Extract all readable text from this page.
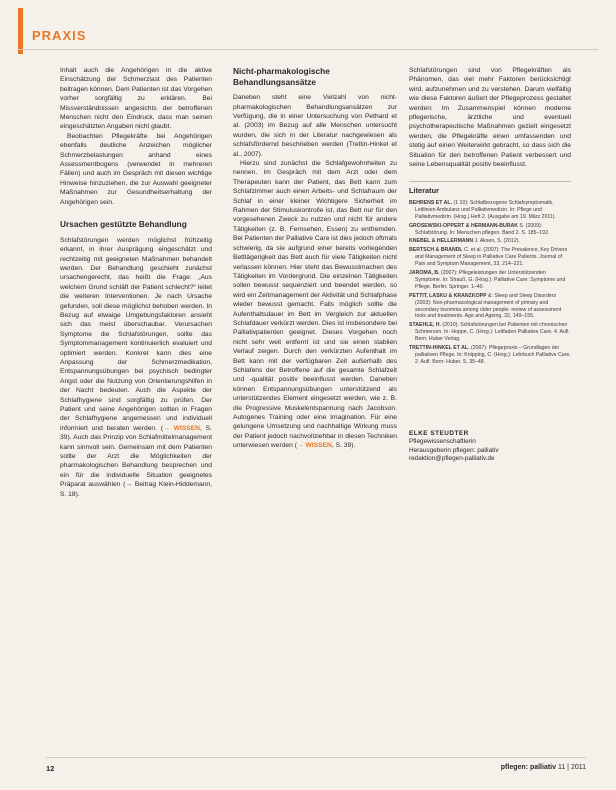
PRAXIS

Inhalt auch die Angehörigen in die aktive Einschätzung der Schmerzlast des Patienten beitragen können. Dem Patienten ist das Vorgehen vorher sorgfältig zu erklären. Bei Missverständnissen angesichts der betroffenen Menschen nicht den Eindruck, dass man seinen eingeschätzten Angaben nicht glaubt.

Beobachten Pflegekräfte bei Angehörigen ebenfalls deutliche Anzeichen möglicher Schmerzbelastungen anhand eines Assessmentbogens (verwendet in mehreren Fällen) und auch im Gespräch mit diesen wichtige Hinweise hinzuziehen, die zur Auswahl geeigneter Maßnahmen zur Gesundheitserhaltung der Angehörigen sein.

Ursachen gestützte Behandlung

Schlafstörungen werden möglichst frühzeitig erkannt, in ihrer Ausprägung eingeschätzt und rechtzeitig mit geeigneten Maßnahmen behandelt werden. Der Behandlung geschieht zunächst ursachengerecht, das heißt die Frage: „Aus welchem Grund schläft der Patient schlecht?“ leitet die weiteren Interventionen. Je nach Ursache gefunden, soll diese möglichst behoben werden. In Bezug auf etwaige Umgebungsfaktoren ansieht sich das meist überschaubar. Verursachen Symptome die Schlafstörungen, sollte das Symptommanagement kontinuierlich evaluiert und optimiert werden. Konkret kann dies eine Anpassung der Schmerzmedikation, Entspannungsübungen bei psychisch bedingter Angst oder die Nutzung von Orientierungshilfen in der Nacht bedeuten. Auch die Aspekte der Schlafhygiene sind sorgfältig zu prüfen. Der Patient und seine Angehörigen sollten in Fragen der Schlafhygiene angemessen und individuell informiert und beraten werden. (→ WISSEN, S. 39). Auch das Prinzip von Schlafmittelmanagement kann sinnvoll sein. Gemeinsam mit dem Patienten sollte der Arzt die Möglichkeiten der pharmakologischen Behandlung besprechen und ein für die individuelle Situation geeignetes Präparat auswählen (→ Beitrag Klein-Hiddemann, S. 18).

Nicht-pharmakologische Behandlungsansätze

Daneben steht eine Vielzahl von nicht-pharmakologischen Behandlungsansätzen zur Verfügung, die in einer Untersuchung von Pethard et al. (2003) im Bezug auf alle Menschen untersucht wurden, die sich in der Literatur nachgewiesen als schlafsfördernd beschrieben werden (Trettin-Hinkel et al., 2007).

Hierzu sind zunächst die Schlafgewohnheiten zu nennen. Im Gespräch mit dem Arzt oder dem Therapeuten kann der Patient, das Bett kann zum Schlafzimmer auch einen Arbeits- und Schlafraum der Schlaf in einer kleiner Wichtigere Sicherheit im Rahmen der Stimuluskontrolle ist, das Bett nur für den vorgesehenen Zweck zu nutzen und nicht für andere Tätigkeiten (z. B. Fernsehen, Essen) zu entfremden. Bei Patienten der Palliative Care ist dies jedoch oftmals schwierig, da sie aufgrund einer bereits vorliegenden Bettlägerigkeit das Bett auch für viele Tätigkeiten nicht verlassen können. Hier steht das Bewusstmachen des Tätigkeiten im Vordergrund. Die einzelnen Tätigkeiten sollen bewusst sequenziert und beendet werden, so wird ein Zeitmanagement der Aktivität und Schlafphase wieder bewusst gemacht. Falls möglich sollte die Aufenthaltsdauer im Bett im Vergleich zur aktuellen Schlafdauer verkürzt werden. Dies ist insbesondere bei Palliativpatienten geeignet. Dieses Vorgehen noch nicht sehr weit entfernt ist und sie einen stabilen Verlauf zeigen. Durch den verkürzten Aufenthalt im Bett kann mit der verfügbaren Zeit außerhalb des Schlafens der Betroffene auf die gesamte Schlafzeit und -qualität positiv beeinflusst werden. Daneben können Entspannungsübungen unterstützend als unterstützendes Element eingesetzt werden, wie z. B. die Progressive Muskelentspannung nach Jacobson. Autogenes Training oder eine Imagination. Für eine gelungene Umsetzung und nachhaltige Wirkung muss der Patient jedoch nachvollziehbar in diesen Techniken unterwiesen werden (→ WISSEN, S. 39).

Schlafstörungen sind von Pflegekräften als Phänomen, das viel mehr Faktoren berücksichtigt wird, aufzunehmen und zu verstehen. Darum vielfältig wie diese Faktoren äußert der Pflegeprozess gestaltet werden: Im Zusammenspiel können moderne pflegerische, ärztliche und eventuell psychotherapeutische Maßnahmen gezielt eingesetzt werden, die Pflegekräfte einen umfassenden und stetig auf einen Weiterwirkt gebracht, so dass sich die Situation für den betroffenen Patient verbessert und seine Lebensqualität positiv beeinflusst.

Literatur
BEHRENS ET AL. (1 10): Schlafbezogene Schlafsymptomatik. Leitlinien Ambulanz und Palliativmedizin. In: Pflege und Palliativmedizin. (Hrsg.) Heft 2. (Ausgabe am 19. März 2011).
GROSEWSKI-OPPERT & HERMANN-BURAK S. (2009): Schlafstörung. In: Menschen pflegen. Band 2. S. 185–192.
KNEBEL & HELLERMANN J. Aksen, S. (2012).
BERTSCH & BRANDL C. et al. (2007): The Prevalence, Key Drivers and Management of Sleep in Palliative Care Patients. Journal of Pain and Symptom Management, 33, 214–221.
JAROMA, B. (2007): Pflegeleistungen der Unterstützenden Symptome. In: Strauß, G. (Hrsg.): Palliative Care: Symptome und Pflege. Berlin: Springer. 1–40.
PETTIT, LASKU & KRANZKOPP &: Sleep and Sleep Disorders (2003): Non-pharmacological management of primary and secondary insomnia among older people: review of assessment tools and treatments. Age and Ageing, 32, 149–155.
STAEHLE, H. (2010): Schlafstörungen bei Patienten mit chronischen Schmerzen. In: Hoppe, C. (Hrsg.): Leitfaden Palliative Care. 4. Aufl. Bern: Huber Verlag.
TRETTIN-HINKEL ET AL. (2007): Pflegepraxis – Grundlagen der palliativen Pflege. In: Knipping, C. (Hrsg.): Lehrbuch Palliative Care. 2. Aufl. Bern: Huber. S. 35–48.
ELKE STEUDTER
Pflegewissenschaftlerin
Herausgeberin pflegen: palliativ
redaktion@pflegen-palliativ.de
12	pflegen: palliativ 11 | 2011
